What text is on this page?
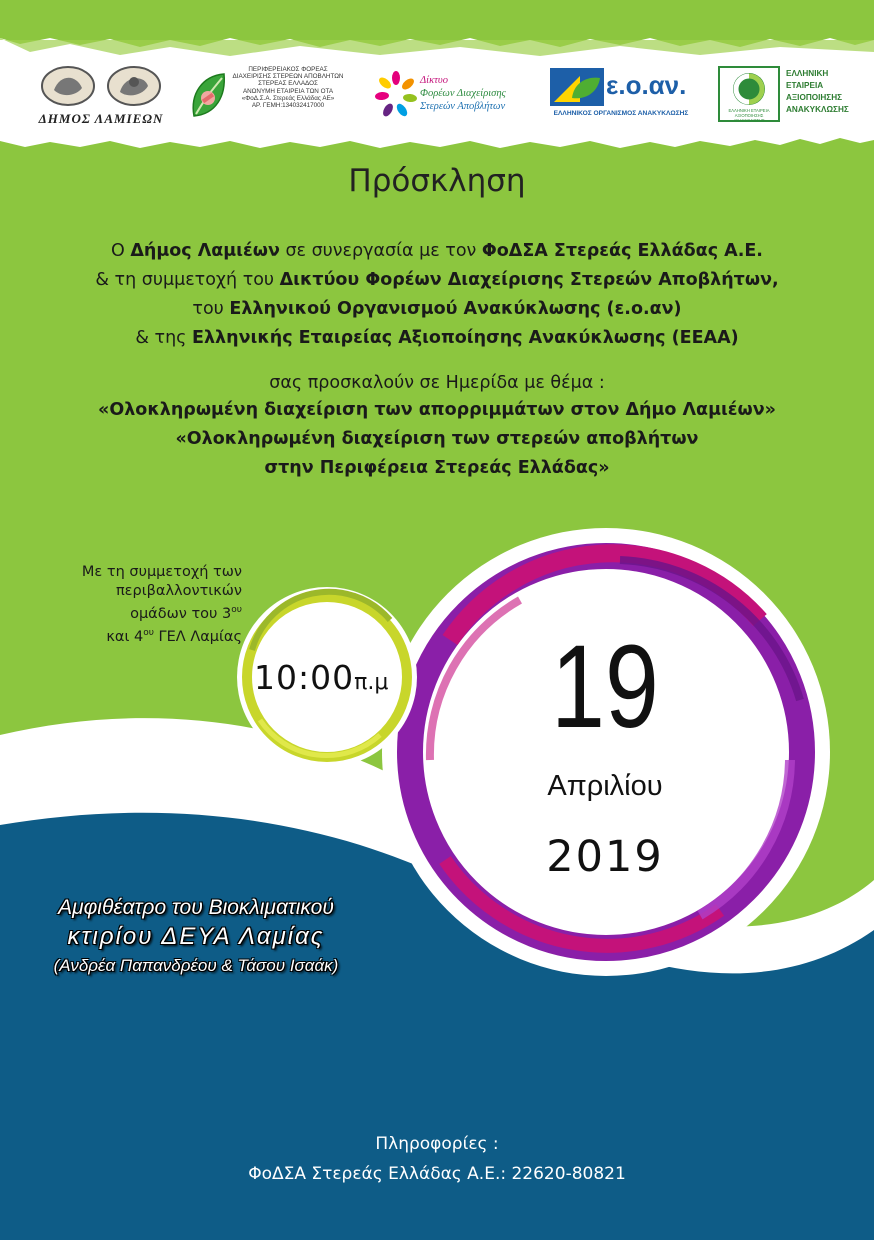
ΔΗΜΟΣ ΛΑΜΙΕΩΝ
ΠΕΡΙΦΕΡΕΙΑΚΟΣ ΦΟΡΕΑΣ
ΔΙΑΧΕΙΡΙΣΗΣ ΣΤΕΡΕΩΝ ΑΠΟΒΛΗΤΩΝ
ΣΤΕΡΕΑΣ ΕΛΛΑΔΟΣ
ΑΝΩΝΥΜΗ ΕΤΑΙΡΕΙΑ ΤΩΝ ΟΤΑ
«ΦοΔ.Σ.Α. Στερεάς Ελλάδας ΑΕ»
ΑΡ. ΓΕΜΗ:134032417000
Δίκτυο
Φορέων Διαχείρισης
Στερεών Αποβλήτων
ε.ο.αν.
ΕΛΛΗΝΙΚΟΣ ΟΡΓΑΝΙΣΜΟΣ ΑΝΑΚΥΚΛΩΣΗΣ	ΕΛΛΗΝΙΚΗ ΕΤΑΙΡΕΙΑ ΑΞΙΟΠΟΙΗΣΗΣ ΑΝΑΚΥΚΛΩΣΗΣ
ΕΛΛΗΝΙΚΗ
ΕΤΑΙΡΕΙΑ
ΑΞΙΟΠΟΙΗΣΗΣ
ΑΝΑΚΥΚΛΩΣΗΣ
Πρόσκληση
Ο Δήμος Λαμιέων σε συνεργασία με τον ΦοΔΣΑ Στερεάς Ελλάδας Α.Ε.
& τη συμμετοχή του Δικτύου Φορέων Διαχείρισης Στερεών Αποβλήτων,
του Ελληνικού Οργανισμού Ανακύκλωσης (ε.ο.αν)
& της Ελληνικής Εταιρείας Αξιοποίησης Ανακύκλωσης (ΕΕΑΑ)
σας προσκαλούν σε Ημερίδα με θέμα :
«Ολοκληρωμένη διαχείριση των απορριμμάτων στον Δήμο Λαμιέων»
«Ολοκληρωμένη διαχείριση των στερεών αποβλήτων
στην Περιφέρεια Στερεάς Ελλάδας»
Με τη συμμετοχή των
περιβαλλοντικών
ομάδων του $3^{o\upsilon}$
και $4^{o\upsilon}$ ΓΕΛ Λαμίας
10:00π.μ 19
Απριλίου
2019
Αμφιθέατρο του Βιοκλιματικού
κτιρίου ΔΕΥΑ Λαμίας
(Ανδρέα Παπανδρέου & Τάσου Ισαάκ)
Πληροφορίες :
ΦοΔΣΑ Στερεάς Ελλάδας Α.Ε.: 22620-80821
